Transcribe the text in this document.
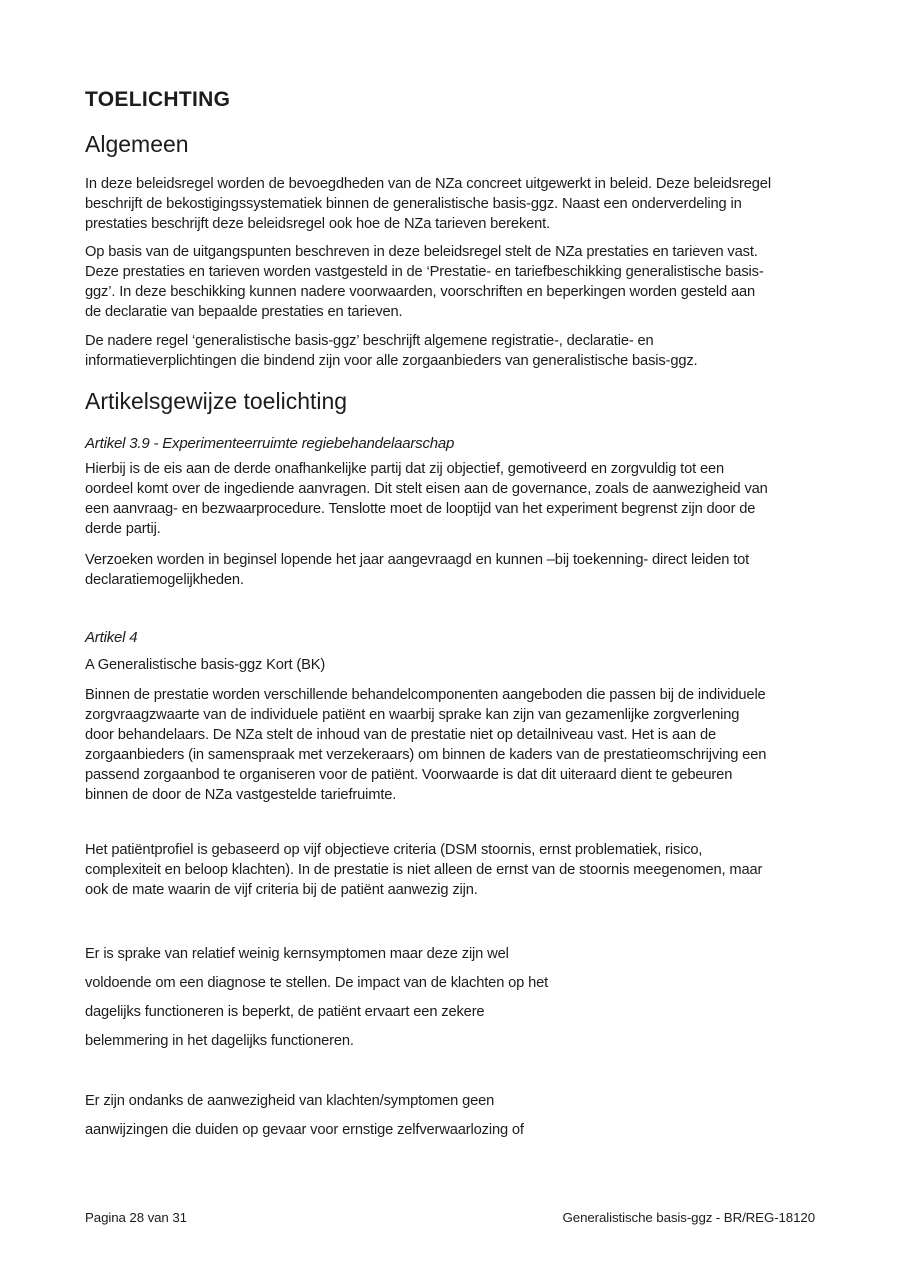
TOELICHTING
Algemeen
In deze beleidsregel worden de bevoegdheden van de NZa concreet uitgewerkt in beleid. Deze beleidsregel
beschrijft de bekostigingssystematiek binnen de generalistische basis-ggz. Naast een onderverdeling in
prestaties beschrijft deze beleidsregel ook hoe de NZa tarieven berekent.
Op basis van de uitgangspunten beschreven in deze beleidsregel stelt de NZa prestaties en tarieven vast.
Deze prestaties en tarieven worden vastgesteld in de ‘Prestatie- en tariefbeschikking generalistische basis-
ggz’. In deze beschikking kunnen nadere voorwaarden, voorschriften en beperkingen worden gesteld aan
de declaratie van bepaalde prestaties en tarieven.
De nadere regel ‘generalistische basis-ggz’ beschrijft algemene registratie-, declaratie- en
informatieverplichtingen die bindend zijn voor alle zorgaanbieders van generalistische basis-ggz.
Artikelsgewijze toelichting
Artikel 3.9 - Experimenteerruimte regiebehandelaarschap
Hierbij is de eis aan de derde onafhankelijke partij dat zij objectief, gemotiveerd en zorgvuldig tot een
oordeel komt over de ingediende aanvragen. Dit stelt eisen aan de governance, zoals de aanwezigheid van
een aanvraag- en bezwaarprocedure. Tenslotte moet de looptijd van het experiment begrenst zijn door de
derde partij.
Verzoeken worden in beginsel lopende het jaar aangevraagd en kunnen –bij toekenning- direct leiden tot
declaratiemogelijkheden.
Artikel 4
A Generalistische basis-ggz Kort (BK)
Binnen de prestatie worden verschillende behandelcomponenten aangeboden die passen bij de individuele
zorgvraagzwaarte van de individuele patiënt en waarbij sprake kan zijn van gezamenlijke zorgverlening
door behandelaars. De NZa stelt de inhoud van de prestatie niet op detailniveau vast. Het is aan de
zorgaanbieders (in samenspraak met verzekeraars) om binnen de kaders van de prestatieomschrijving een
passend zorgaanbod te organiseren voor de patiënt. Voorwaarde is dat dit uiteraard dient te gebeuren
binnen de door de NZa vastgestelde tariefruimte.
Het patiëntprofiel is gebaseerd op vijf objectieve criteria (DSM stoornis, ernst problematiek, risico,
complexiteit en beloop klachten). In de prestatie is niet alleen de ernst van de stoornis meegenomen, maar
ook de mate waarin de vijf criteria bij de patiënt aanwezig zijn.
Er is sprake van relatief weinig kernsymptomen maar deze zijn wel
voldoende om een diagnose te stellen. De impact van de klachten op het
dagelijks functioneren is beperkt, de patiënt ervaart een zekere
belemmering in het dagelijks functioneren.
Er zijn ondanks de aanwezigheid van klachten/symptomen geen
aanwijzingen die duiden op gevaar voor ernstige zelfverwaarlozing of
Pagina 28 van 31	Generalistische basis-ggz - BR/REG-18120
